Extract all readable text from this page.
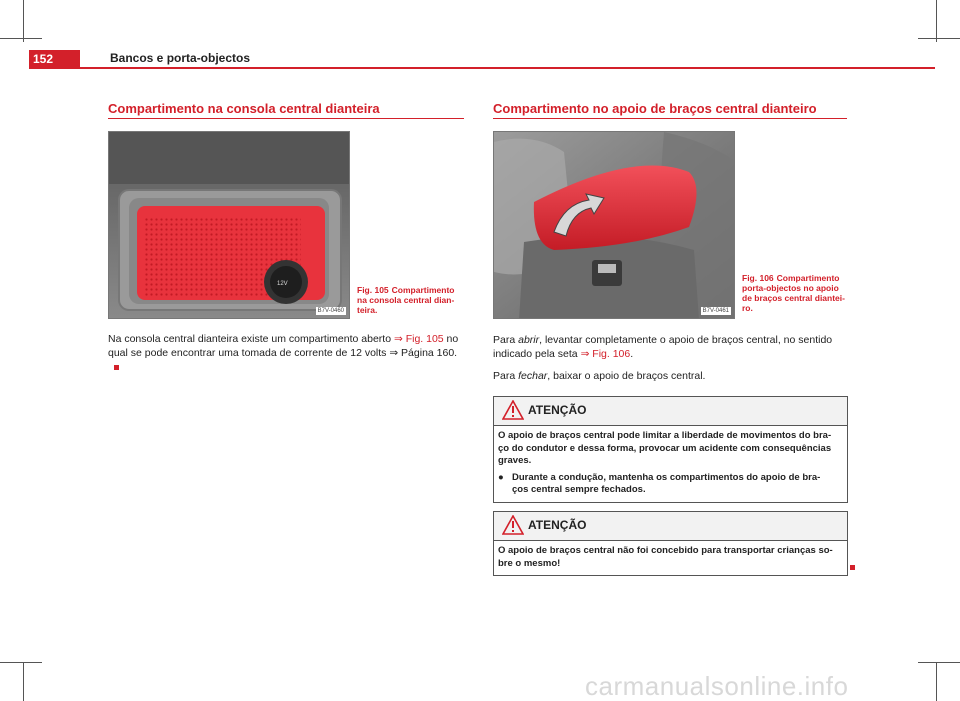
152	Bancos e porta-objectos
Compartimento na consola central dianteira
12V
B7V-0460
Fig. 105 Compartimento
na consola central dian-
teira.
Na consola central dianteira existe um compartimento aberto ⇒ Fig. 105 no
qual se pode encontrar uma tomada de corrente de 12 volts ⇒ Página 160.
Compartimento no apoio de braços central dianteiro
B7V-0461
Fig. 106 Compartimento
porta-objectos no apoio
de braços central diantei-
ro.
Para abrir, levantar completamente o apoio de braços central, no sentido
indicado pela seta ⇒ Fig. 106.
Para fechar, baixar o apoio de braços central.
ATENÇÃO

O apoio de braços central pode limitar a liberdade de movimentos do bra-
ço do condutor e dessa forma, provocar um acidente com consequências
graves.

● Durante a condução, mantenha os compartimentos do apoio de bra-
ços central sempre fechados.

ATENÇÃO

O apoio de braços central não foi concebido para transportar crianças so-
bre o mesmo!

carmanualsonline.info
